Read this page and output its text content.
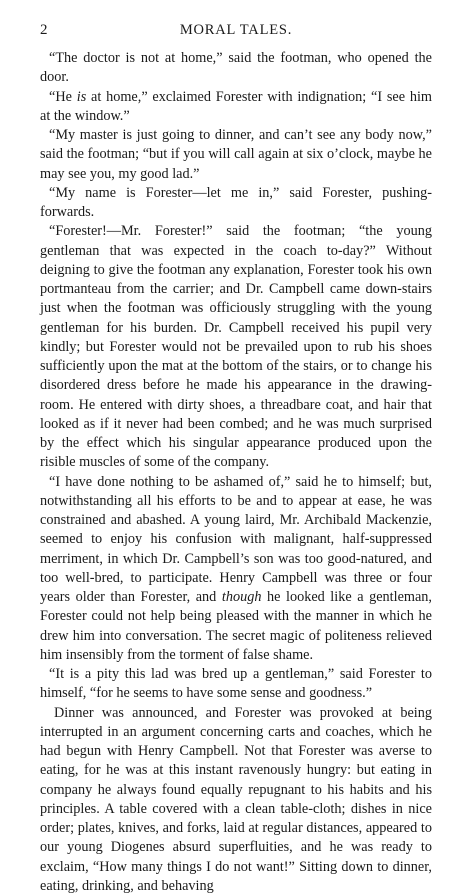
2	MORAL TALES.

“The doctor is not at home,” said the footman, who opened the door.

“He is at home,” exclaimed Forester with indignation; “I see him at the window.”

“My master is just going to dinner, and can’t see any body now,” said the footman; “but if you will call again at six o’clock, maybe he may see you, my good lad.”

“My name is Forester—let me in,” said Forester, pushing-forwards.

“Forester!—Mr. Forester!” said the footman; “the young gentleman that was expected in the coach to-day?” Without deigning to give the footman any explanation, Forester took his own portmanteau from the carrier; and Dr. Campbell came down-stairs just when the footman was officiously struggling with the young gentleman for his burden. Dr. Campbell received his pupil very kindly; but Forester would not be prevailed upon to rub his shoes sufficiently upon the mat at the bottom of the stairs, or to change his disordered dress before he made his appearance in the drawing-room. He entered with dirty shoes, a threadbare coat, and hair that looked as if it never had been combed; and he was much surprised by the effect which his singular appearance produced upon the risible muscles of some of the company.

“I have done nothing to be ashamed of,” said he to himself; but, notwithstanding all his efforts to be and to appear at ease, he was constrained and abashed. A young laird, Mr. Archibald Mackenzie, seemed to enjoy his confusion with malignant, half-suppressed merriment, in which Dr. Campbell’s son was too good-natured, and too well-bred, to participate. Henry Campbell was three or four years older than Forester, and though he looked like a gentleman, Forester could not help being pleased with the manner in which he drew him into conversation. The secret magic of politeness relieved him insensibly from the torment of false shame.

“It is a pity this lad was bred up a gentleman,” said Forester to himself, “for he seems to have some sense and goodness.”

Dinner was announced, and Forester was provoked at being interrupted in an argument concerning carts and coaches, which he had begun with Henry Campbell. Not that Forester was averse to eating, for he was at this instant ravenously hungry: but eating in company he always found equally repugnant to his habits and his principles. A table covered with a clean table-cloth; dishes in nice order; plates, knives, and forks, laid at regular distances, appeared to our young Diogenes absurd superfluities, and he was ready to exclaim, “How many things I do not want!” Sitting down to dinner, eating, drinking, and behaving
